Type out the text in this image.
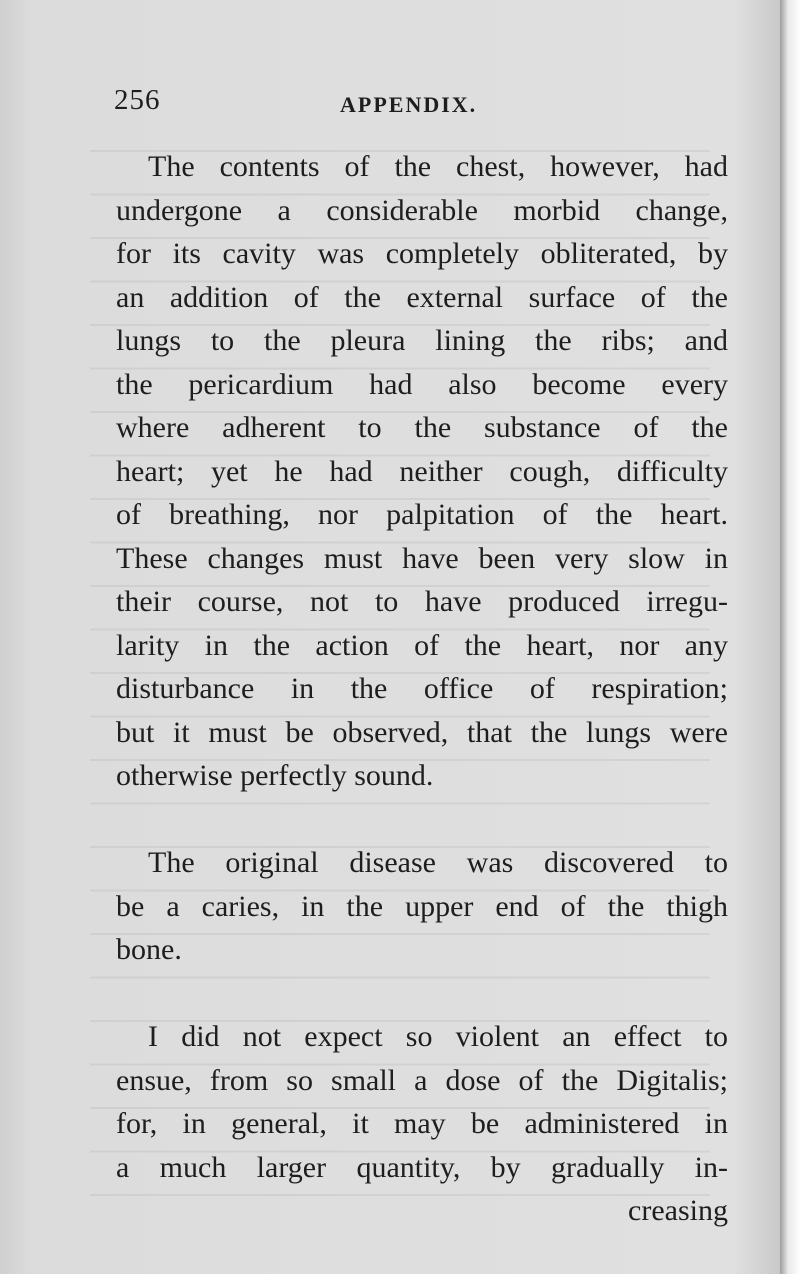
256	APPENDIX.
The contents of the chest, however, had
undergone a considerable morbid change,
for its cavity was completely obliterated, by
an addition of the external surface of the
lungs to the pleura lining the ribs; and
the pericardium had also become every
where adherent to the substance of the
heart; yet he had neither cough, difficulty
of breathing, nor palpitation of the heart.
These changes must have been very slow in
their course, not to have produced irregu-
larity in the action of the heart, nor any
disturbance in the office of respiration;
but it must be observed, that the lungs were
otherwise perfectly sound.
The original disease was discovered to
be a caries, in the upper end of the thigh
bone.
I did not expect so violent an effect to
ensue, from so small a dose of the Digitalis;
for, in general, it may be administered in
a much larger quantity, by gradually in-
creasing
